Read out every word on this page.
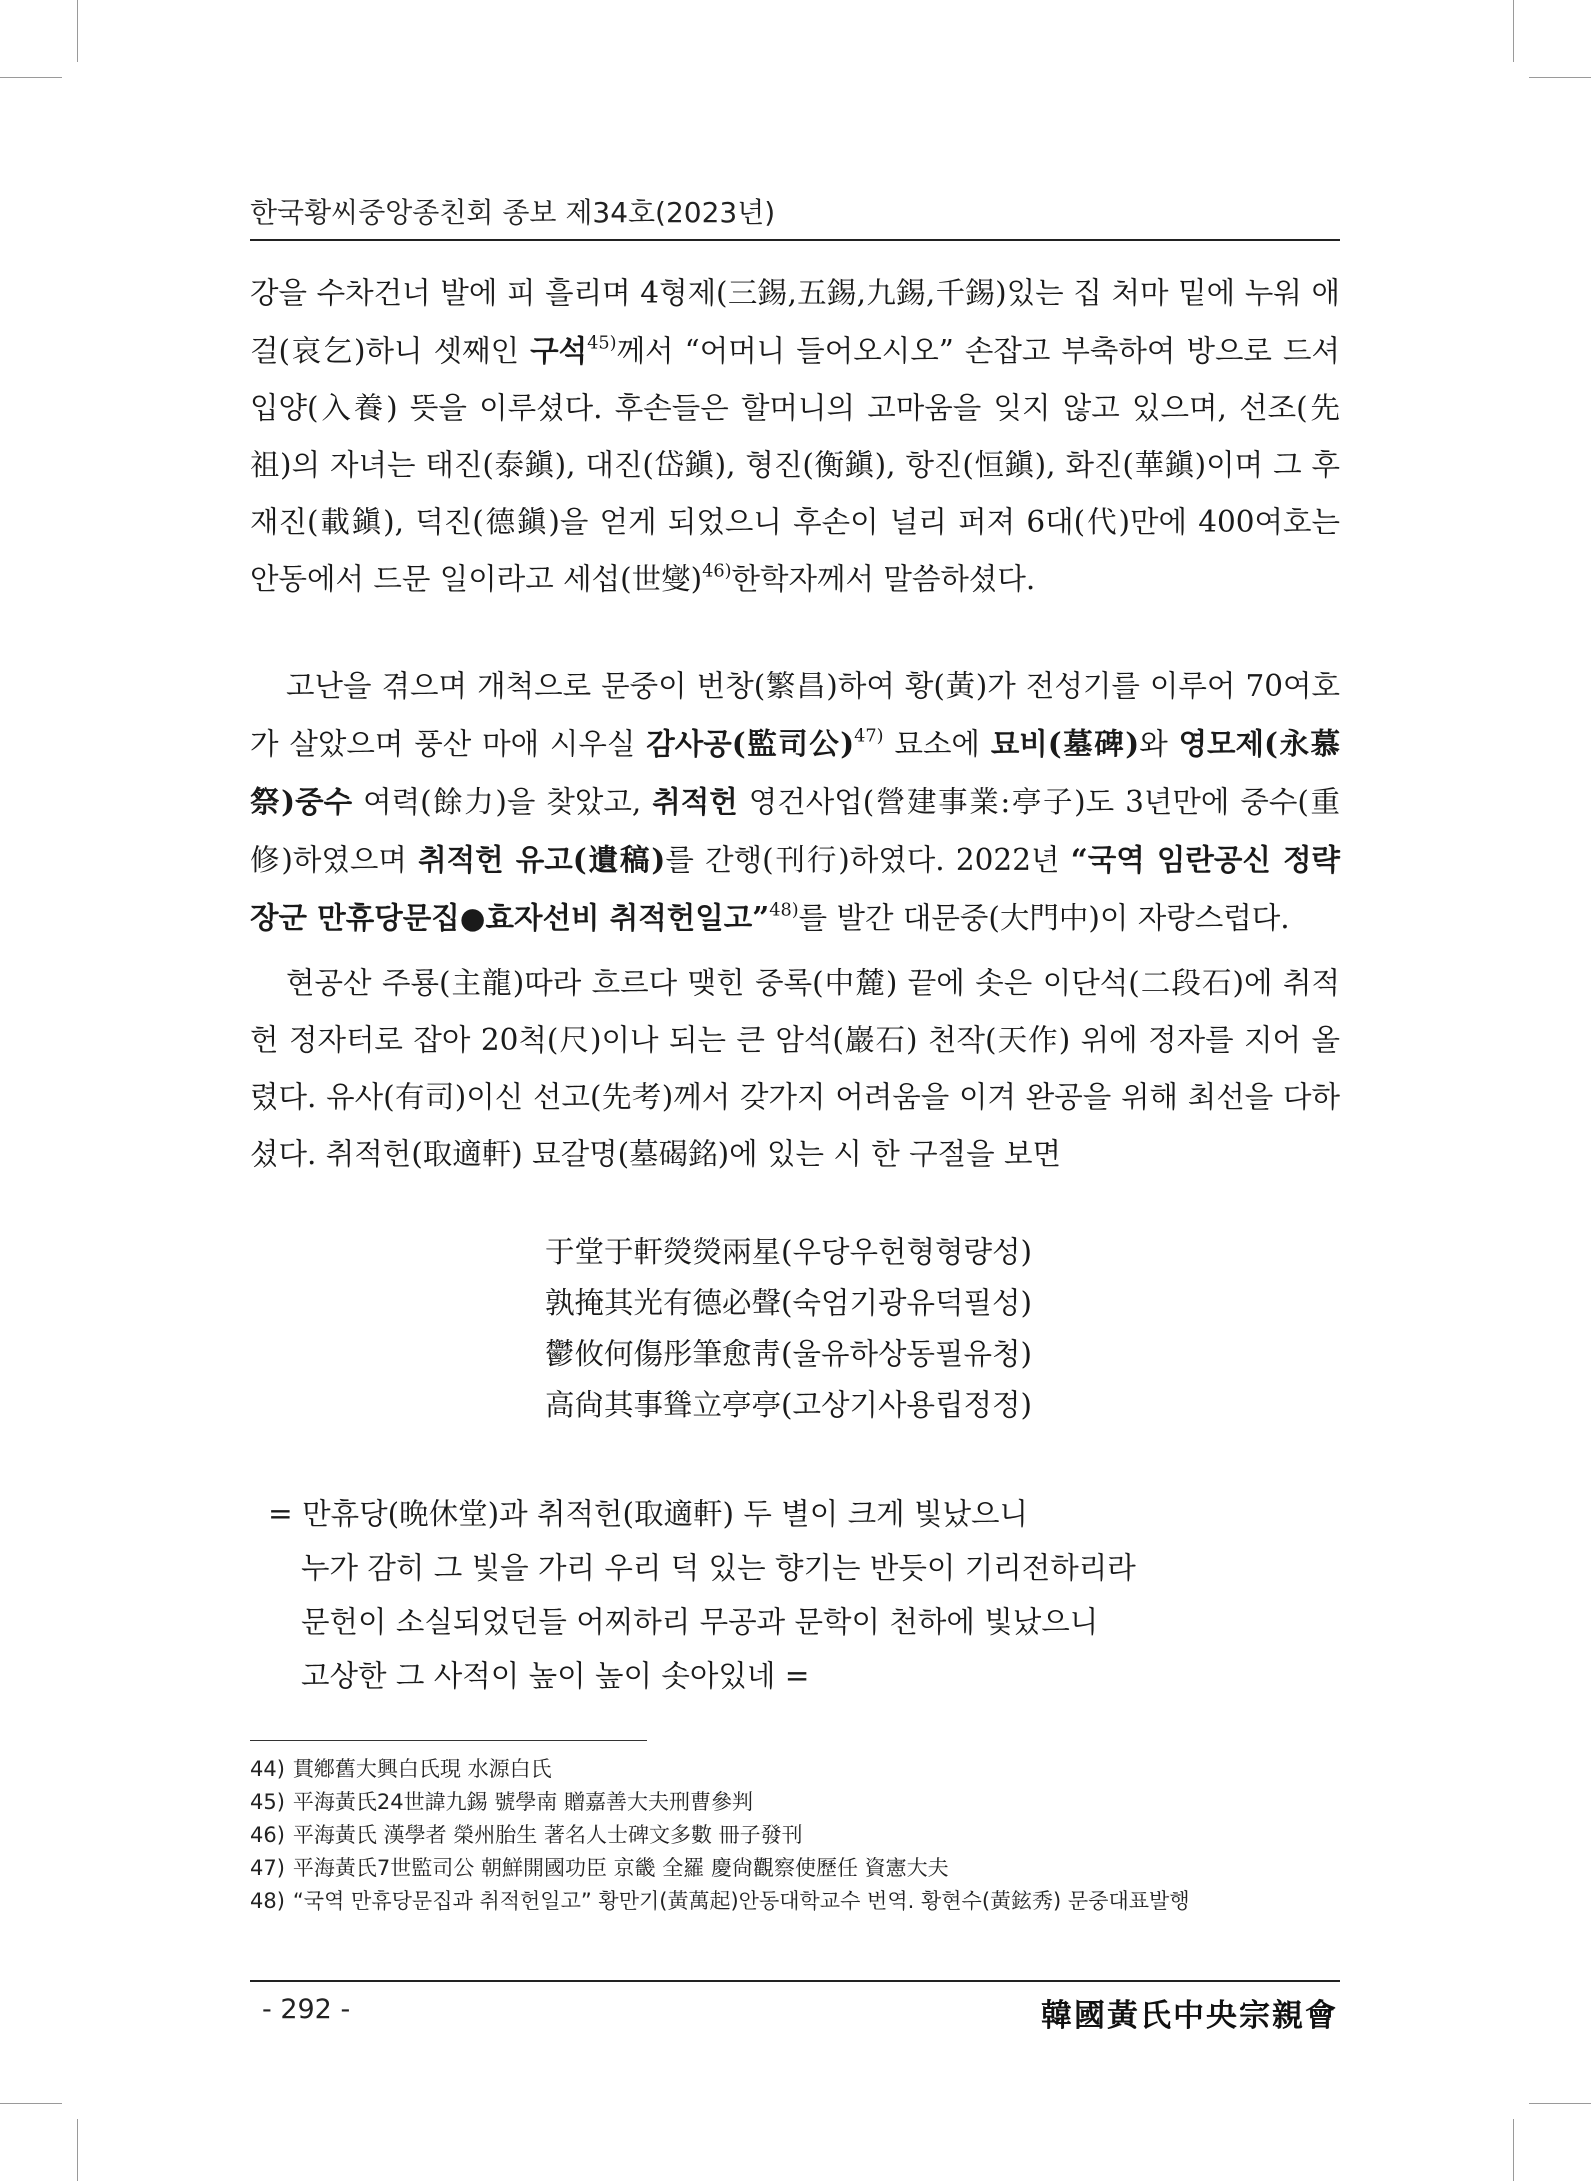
한국황씨중앙종친회 종보 제34호(2023년)

강을 수차건너 발에 피 흘리며 4형제(三錫,五錫,九錫,千錫)있는 집 처마 밑에 누워 애걸(哀乞)하니 셋째인 구석$^{45)}$께서 “어머니 들어오시오” 손잡고 부축하여 방으로 드셔 입양(入養) 뜻을 이루셨다. 후손들은 할머니의 고마움을 잊지 않고 있으며, 선조(先祖)의 자녀는 태진(泰鎭), 대진(岱鎭), 형진(衡鎭), 항진(恒鎭), 화진(華鎭)이며 그 후 재진(載鎭), 덕진(德鎭)을 얻게 되었으니 후손이 널리 퍼져 6대(代)만에 400여호는 안동에서 드문 일이라고 세섭(世燮)$^{46)}$한학자께서 말씀하셨다.

고난을 겪으며 개척으로 문중이 번창(繁昌)하여 황(黃)가 전성기를 이루어 70여호가 살았으며 풍산 마애 시우실 감사공(監司公)$^{47)}$ 묘소에 묘비(墓碑)와 영모제(永慕祭)중수 여력(餘力)을 찾았고, 취적헌 영건사업(營建事業:亭子)도 3년만에 중수(重修)하였으며 취적헌 유고(遺稿)를 간행(刊行)하였다. 2022년 “국역 임란공신 정략장군 만휴당문집●효자선비 취적헌일고”$^{48)}$를 발간 대문중(大門中)이 자랑스럽다.

현공산 주룡(主龍)따라 흐르다 맺힌 중록(中麓) 끝에 솟은 이단석(二段石)에 취적헌 정자터로 잡아 20척(尺)이나 되는 큰 암석(巖石) 천작(天作) 위에 정자를 지어 올렸다. 유사(有司)이신 선고(先考)께서 갖가지 어려움을 이겨 완공을 위해 최선을 다하셨다. 취적헌(取適軒) 묘갈명(墓碣銘)에 있는 시 한 구절을 보면

于堂于軒熒熒兩星(우당우헌형형량성)
孰掩其光有德必聲(숙엄기광유덕필성)
鬱攸何傷彤筆愈靑(울유하상동필유청)
高尙其事聳立亭亭(고상기사용립정정)
= 만휴당(晩休堂)과 취적헌(取適軒) 두 별이 크게 빛났으니
누가 감히 그 빛을 가리 우리 덕 있는 향기는 반듯이 기리전하리라
문헌이 소실되었던들 어찌하리 무공과 문학이 천하에 빛났으니
고상한 그 사적이 높이 높이 솟아있네 =
44) 貫鄕舊大興白氏現 水源白氏
45) 平海黃氏24世諱九錫 號學南 贈嘉善大夫刑曹參判
46) 平海黃氏 漢學者 榮州胎生 著名人士碑文多數 冊子發刊
47) 平海黃氏7世監司公 朝鮮開國功臣 京畿 全羅 慶尙觀察使歷任 資憲大夫
48) “국역 만휴당문집과 취적헌일고” 황만기(黃萬起)안동대학교수 번역. 황현수(黃鉉秀) 문중대표발행
- 292 -	韓國黃氏中央宗親會
